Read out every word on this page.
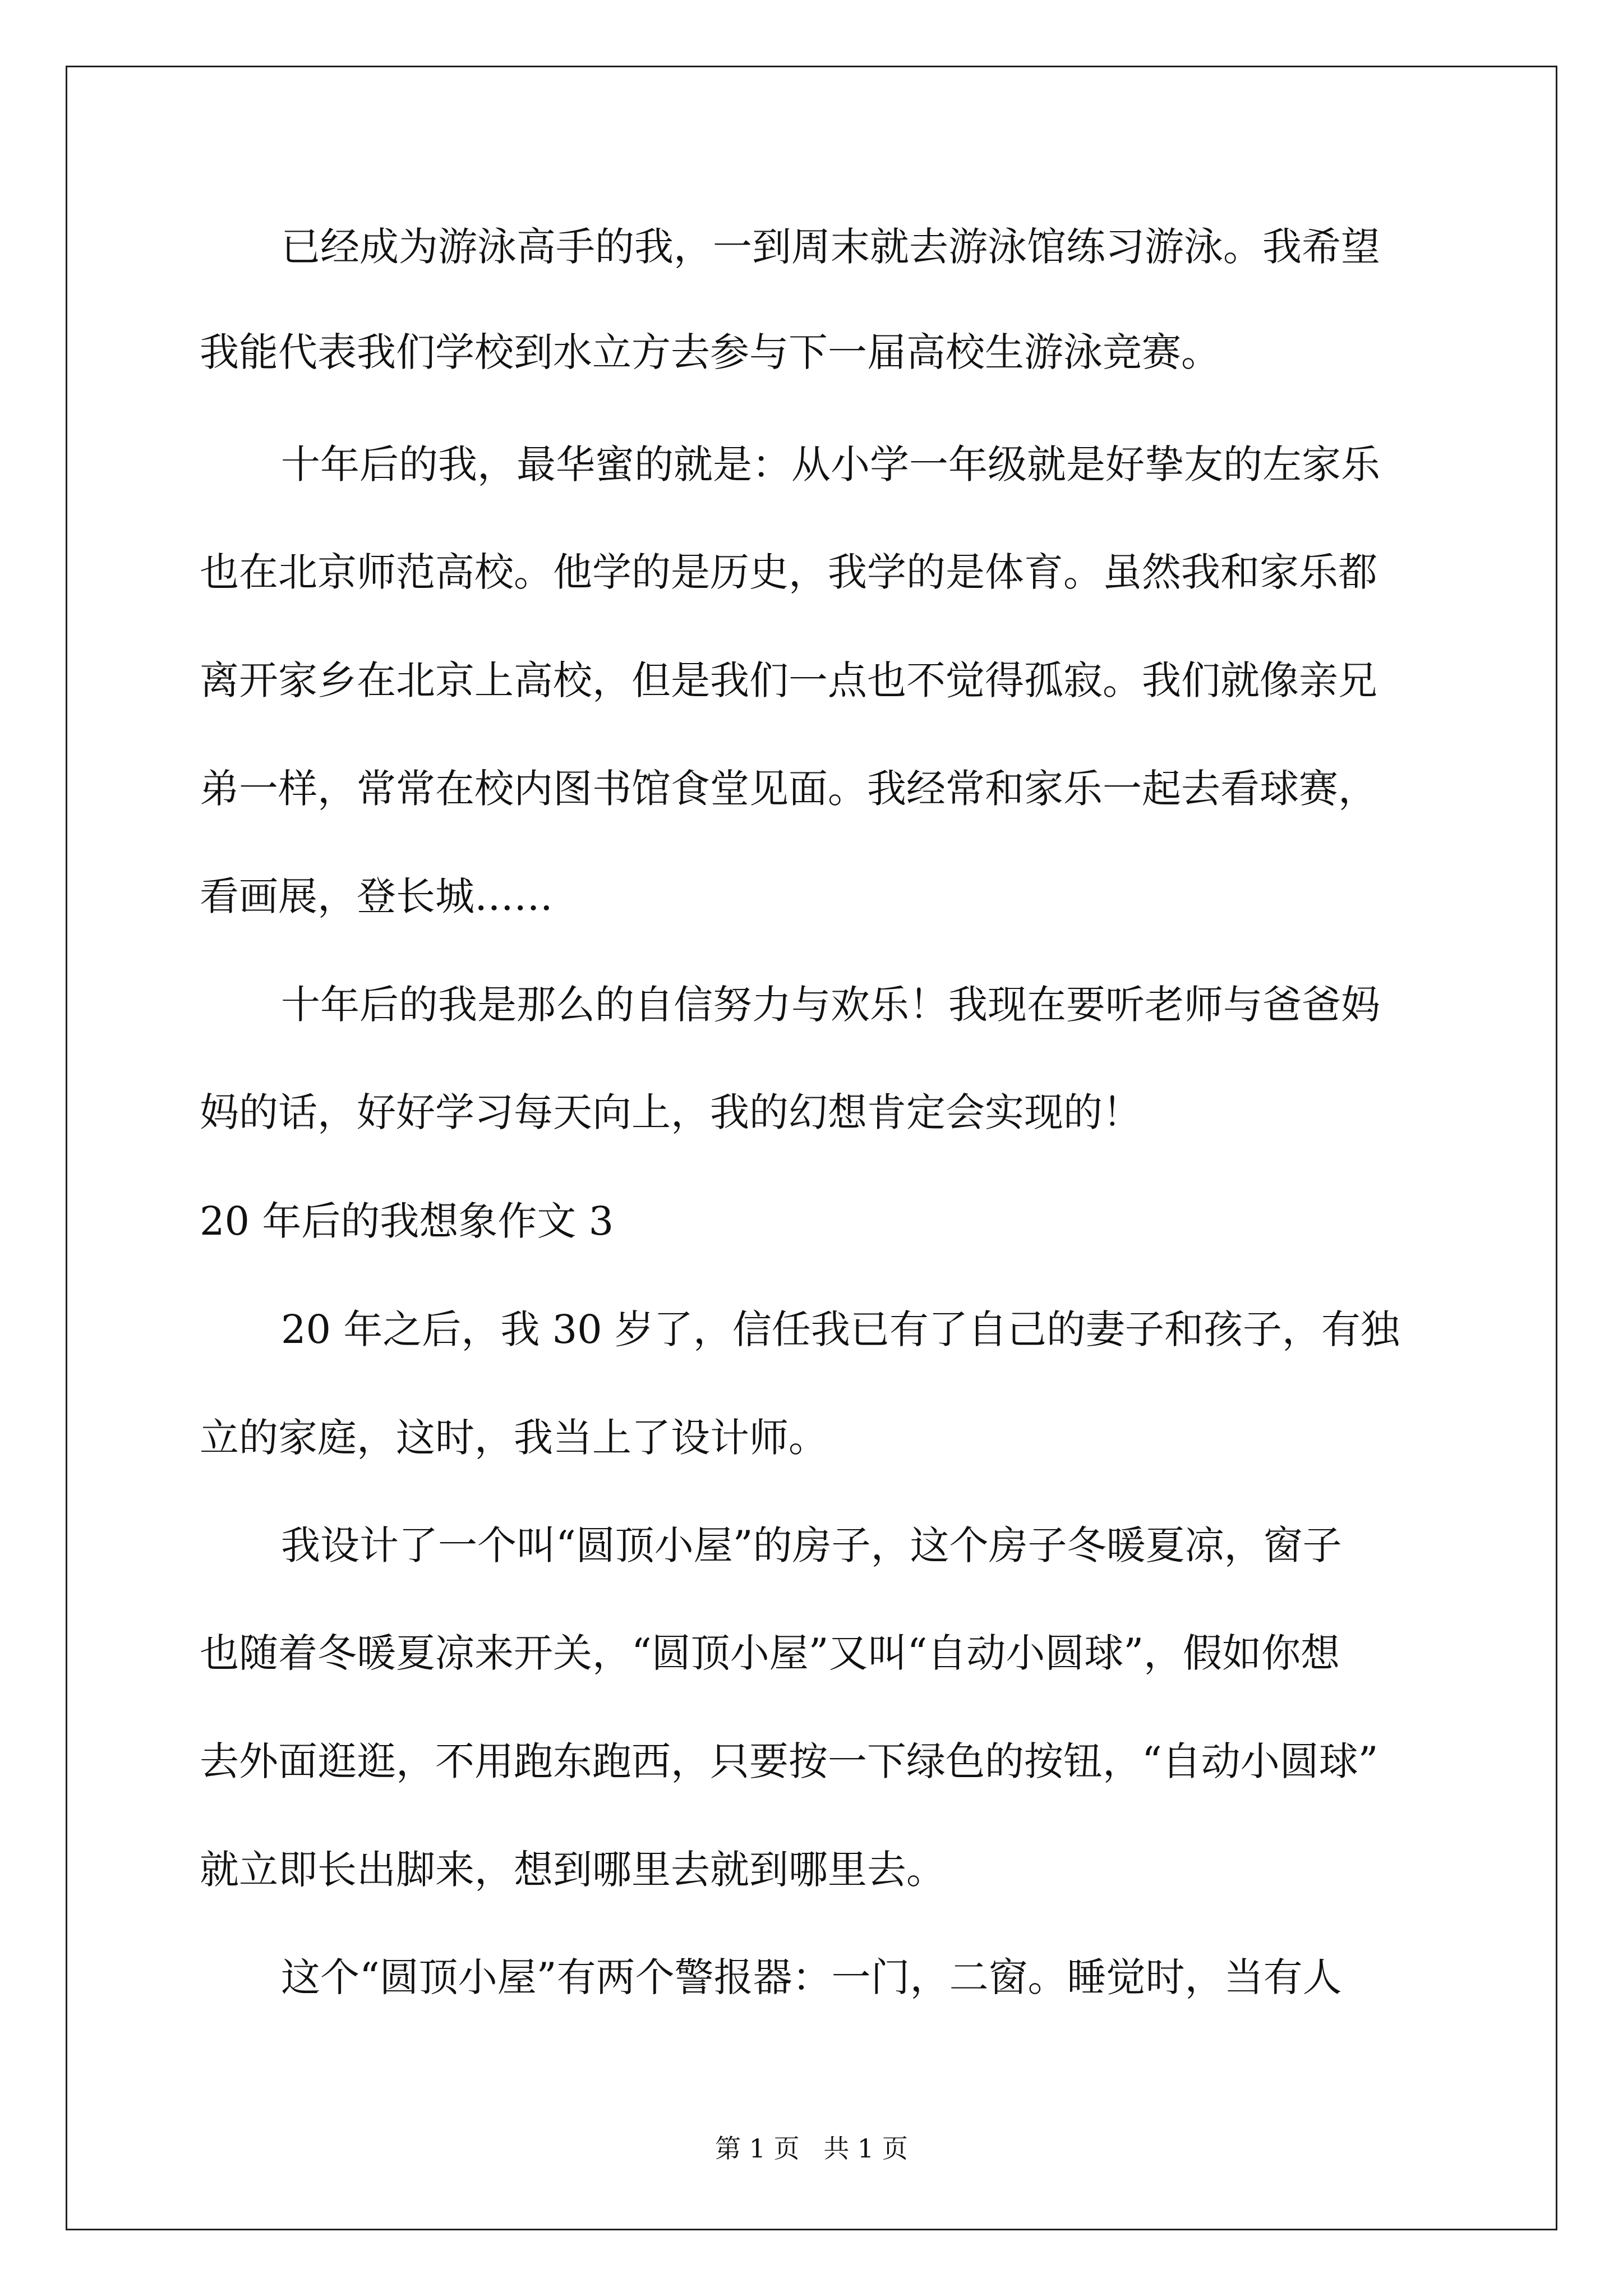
已经成为游泳高手的我，一到周末就去游泳馆练习游泳。我希望
我能代表我们学校到水立方去参与下一届高校生游泳竞赛。
十年后的我，最华蜜的就是：从小学一年级就是好挚友的左家乐
也在北京师范高校。他学的是历史，我学的是体育。虽然我和家乐都
离开家乡在北京上高校，但是我们一点也不觉得孤寂。我们就像亲兄
弟一样，常常在校内图书馆食堂见面。我经常和家乐一起去看球赛，
看画展，登长城……
十年后的我是那么的自信努力与欢乐！我现在要听老师与爸爸妈
妈的话，好好学习每天向上，我的幻想肯定会实现的！
20 年后的我想象作文 3
20 年之后，我 30 岁了，信任我已有了自己的妻子和孩子，有独
立的家庭，这时，我当上了设计师。
我设计了一个叫“圆顶小屋”的房子，这个房子冬暖夏凉，窗子
也随着冬暖夏凉来开关，“圆顶小屋”又叫“自动小圆球”，假如你想
去外面逛逛，不用跑东跑西，只要按一下绿色的按钮，“自动小圆球”
就立即长出脚来，想到哪里去就到哪里去。
这个“圆顶小屋”有两个警报器：一门，二窗。睡觉时，当有人
第 1 页 共 1 页
